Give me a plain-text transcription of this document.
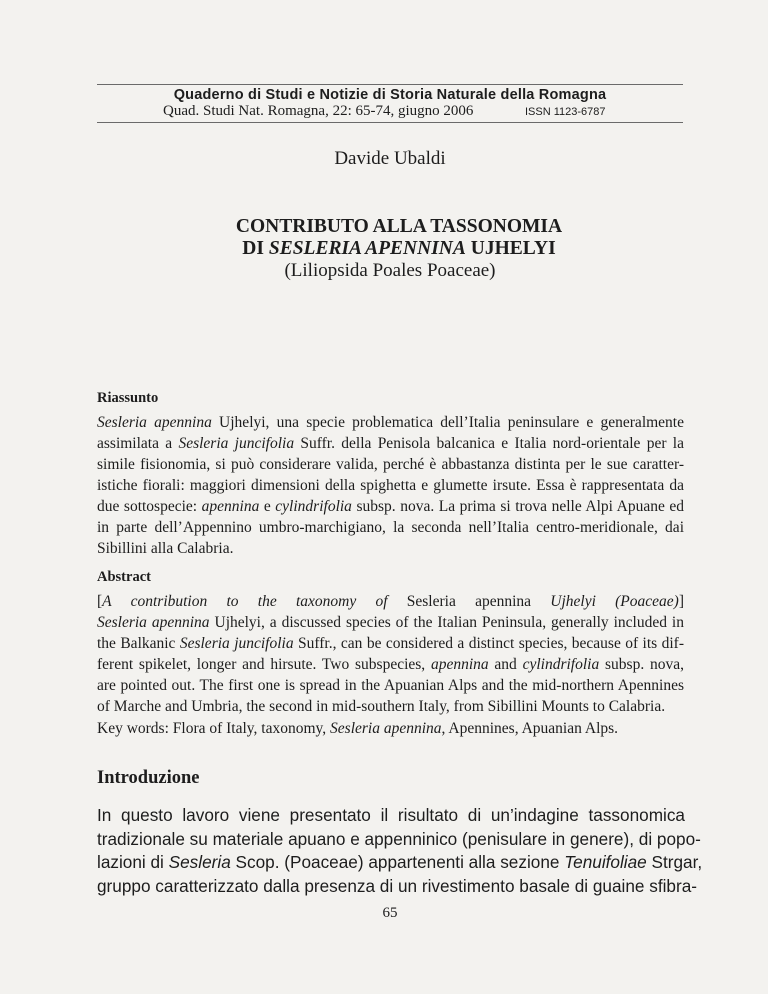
Quaderno di Studi e Notizie di Storia Naturale della Romagna
Quad. Studi Nat. Romagna, 22: 65-74, giugno 2006	ISSN 1123-6787
Davide Ubaldi
CONTRIBUTO ALLA TASSONOMIA
DI SESLERIA APENNINA UJHELYI
(Liliopsida Poales Poaceae)
Riassunto
Sesleria apennina Ujhelyi, una specie problematica dell’Italia peninsulare e generalmente
assimilata a Sesleria juncifolia Suffr. della Penisola balcanica e Italia nord-orientale per la
simile fisionomia, si può considerare valida, perché è abbastanza distinta per le sue caratter-
istiche fiorali: maggiori dimensioni della spighetta e glumette irsute. Essa è rappresentata da
due sottospecie: apennina e cylindrifolia subsp. nova. La prima si trova nelle Alpi Apuane ed
in parte dell’Appennino umbro-marchigiano, la seconda nell’Italia centro-meridionale, dai
Sibillini alla Calabria.
Abstract
[A contribution to the taxonomy of Sesleria apennina Ujhelyi (Poaceae)]
Sesleria apennina Ujhelyi, a discussed species of the Italian Peninsula, generally included in
the Balkanic Sesleria juncifolia Suffr., can be considered a distinct species, because of its dif-
ferent spikelet, longer and hirsute. Two subspecies, apennina and cylindrifolia subsp. nova,
are pointed out. The first one is spread in the Apuanian Alps and the mid-northern Apennines
of Marche and Umbria, the second in mid-southern Italy, from Sibillini Mounts to Calabria.
Key words: Flora of Italy, taxonomy, Sesleria apennina, Apennines, Apuanian Alps.
Introduzione
In questo lavoro viene presentato il risultato di un’indagine tassonomica
tradizionale su materiale apuano e appenninico (penisulare in genere), di popo-
lazioni di Sesleria Scop. (Poaceae) appartenenti alla sezione Tenuifoliae Strgar,
gruppo caratterizzato dalla presenza di un rivestimento basale di guaine sfibra-
65
